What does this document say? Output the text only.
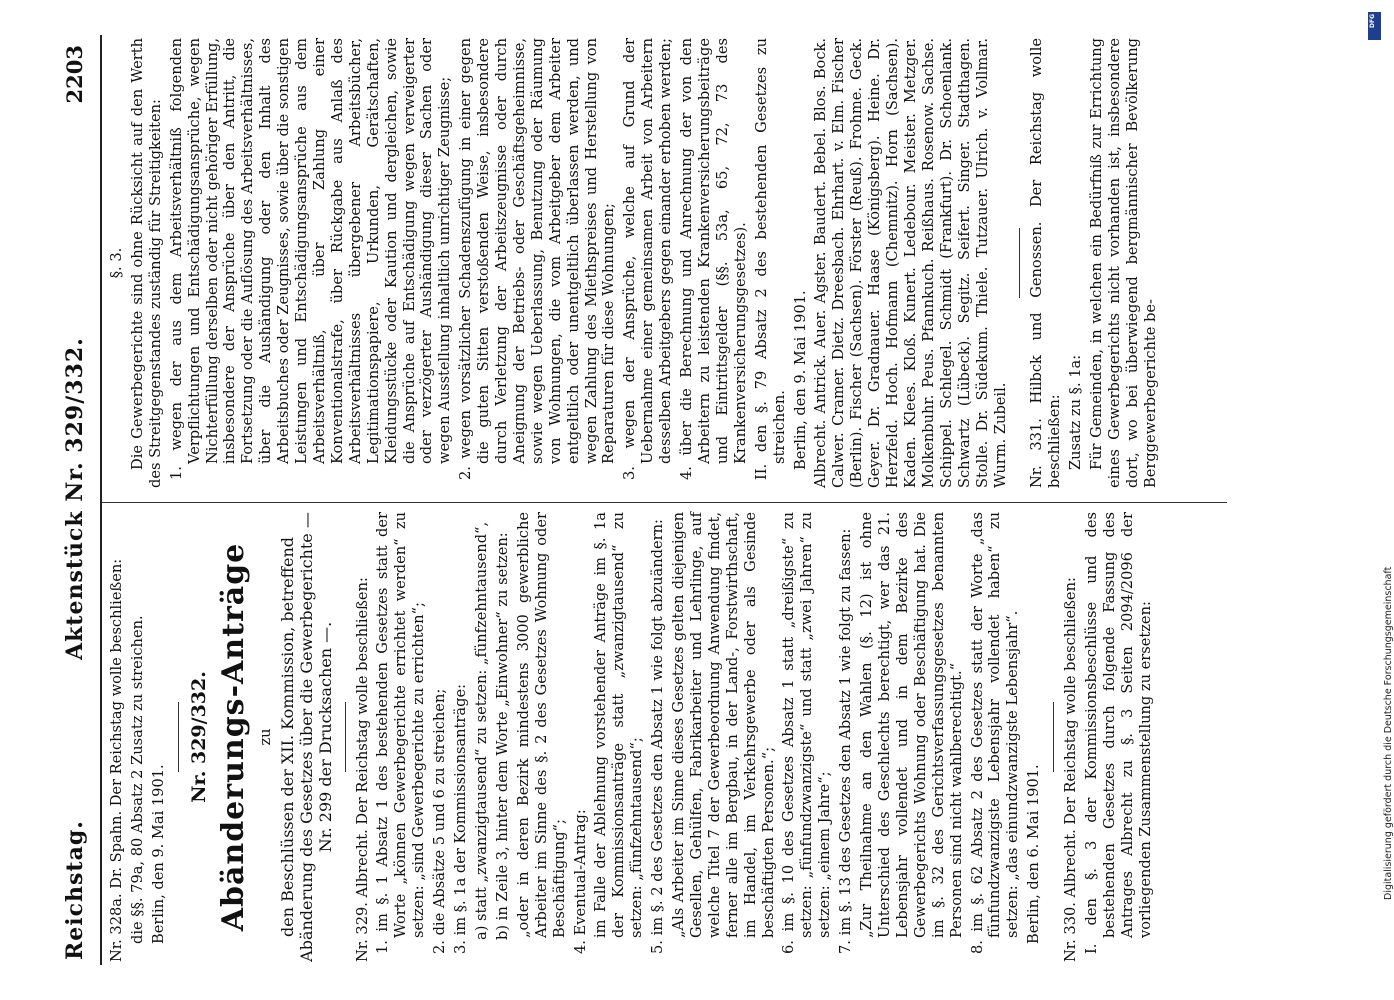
Reichstag.
Aktenstück Nr. 329/332.
2203

Nr. 328a. Dr. Spahn. Der Reichstag wolle beschließen: die §§. 79a, 80 Absatz 2 Zusatz zu streichen. Berlin, den 9. Mai 1901.

Nr. 329/332. Abänderungs-Anträge zu den Beschlüssen der XII. Kommission, betreffend Abänderung des Gesetzes über die Gewerbegerichte — Nr. 299 der Drucksachen —. Nr. 329. Albrecht. Der Reichstag wolle beschließen: 1. im §. 1 Absatz 1 des bestehenden Gesetzes statt der Worte „können Gewerbegerichte errichtet werden“ zu setzen: „sind Gewerbegerichte zu errichten“; 2. die Absätze 5 und 6 zu streichen; 3. im §. 1a der Kommissionsanträge: a) statt „zwanzigtausend“ zu setzen: „fünfzehntausend“, b) in Zeile 3, hinter dem Worte „Einwohner“ zu setzen: „oder in deren Bezirk mindestens 3000 gewerbliche Arbeiter im Sinne des §. 2 des Gesetzes Wohnung oder Beschäftigung“; 4. Eventual-Antrag: im Falle der Ablehnung vorstehender Anträge im §. 1a der Kommissionsanträge statt „zwanzigtausend“ zu setzen: „fünfzehntausend“; 5. im §. 2 des Gesetzes den Absatz 1 wie folgt abzuändern: „Als Arbeiter im Sinne dieses Gesetzes gelten diejenigen Gesellen, Gehülfen, Fabrikarbeiter und Lehrlinge, auf welche Titel 7 der Gewerbeordnung Anwendung findet, ferner alle im Bergbau, in der Land-, Forstwirthschaft, im Handel, im Verkehrsgewerbe oder als Gesinde beschäftigten Personen.“; 6. im §. 10 des Gesetzes Absatz 1 statt „dreißigste“ zu setzen: „fünfundzwanzigste“ und statt „zwei Jahren“ zu setzen: „einem Jahre“; 7. im §. 13 des Gesetzes den Absatz 1 wie folgt zu fassen: „Zur Theilnahme an den Wahlen (§. 12) ist ohne Unterschied des Geschlechts berechtigt, wer das 21. Lebensjahr vollendet und in dem Bezirke des Gewerbegerichts Wohnung oder Beschäftigung hat. Die im §. 32 des Gerichtsverfassungsgesetzes benannten Personen sind nicht wahlberechtigt.“ 8. im §. 62 Absatz 2 des Gesetzes statt der Worte „das fünfundzwanzigste Lebensjahr vollendet haben“ zu setzen: „das einundzwanzigste Lebensjahr“. Berlin, den 6. Mai 1901. Nr. 330. Albrecht. Der Reichstag wolle beschließen: I. den §. 3 der Kommissionsbeschlüsse und des bestehenden Gesetzes durch folgende Fassung des Antrages Albrecht zu §. 3 Seiten 2094/2096 der vorliegenden Zusammenstellung zu ersetzen:

§. 3. Die Gewerbegerichte sind ohne Rücksicht auf den Werth des Streitgegenstandes zuständig für Streitigkeiten: 1. wegen der aus dem Arbeitsverhältniß folgenden Verpflichtungen und Entschädigungsansprüche, wegen Nichterfüllung derselben oder nicht gehöriger Erfüllung, insbesondere der Ansprüche über den Antritt, die Fortsetzung oder die Auflösung des Arbeitsverhältnisses, über die Aushändigung oder den Inhalt des Arbeitsbuches oder Zeugnisses, sowie über die sonstigen Leistungen und Entschädigungsansprüche aus dem Arbeitsverhältniß, über Zahlung einer Konventionalstrafe, über Rückgabe aus Anlaß des Arbeitsverhältnisses übergebener Arbeitsbücher, Legitimationspapiere, Urkunden, Gerätschaften, Kleidungsstücke oder Kaution und dergleichen, sowie die Ansprüche auf Entschädigung wegen verweigerter oder verzögerter Aushändigung dieser Sachen oder wegen Ausstellung inhaltlich unrichtiger Zeugnisse; 2. wegen vorsätzlicher Schadenszufügung in einer gegen die guten Sitten verstoßenden Weise, insbesondere durch Verletzung der Arbeitszeugnisse oder durch Aneignung der Betriebs- oder Geschäftsgeheimnisse, sowie wegen Ueberlassung, Benutzung oder Räumung von Wohnungen, die vom Arbeitgeber dem Arbeiter entgeltlich oder unentgeltlich überlassen werden, und wegen Zahlung des Miethspreises und Herstellung von Reparaturen für diese Wohnungen; 3. wegen der Ansprüche, welche auf Grund der Uebernahme einer gemeinsamen Arbeit von Arbeitern desselben Arbeitgebers gegen einander erhoben werden; 4. über die Berechnung und Anrechnung der von den Arbeitern zu leistenden Krankenversicherungsbeiträge und Eintrittsgelder (§§. 53a, 65, 72, 73 des Krankenversicherungsgesetzes). II. den §. 79 Absatz 2 des bestehenden Gesetzes zu streichen. Berlin, den 9. Mai 1901. Albrecht. Antrick. Auer. Agster. Baudert. Bebel. Blos. Bock. Calwer. Cramer. Dietz. Dreesbach. Ehrhart. v. Elm. Fischer (Berlin). Fischer (Sachsen). Förster (Reuß). Frohme. Geck. Geyer. Dr. Gradnauer. Haase (Königsberg). Heine. Dr. Herzfeld. Hoch. Hofmann (Chemnitz). Horn (Sachsen). Kaden. Klees. Kloß. Kunert. Ledebour. Meister. Metzger. Molkenbuhr. Peus. Pfannkuch. Reißhaus. Rosenow. Sachse. Schippel. Schlegel. Schmidt (Frankfurt). Dr. Schoenlank. Schwartz (Lübeck). Segitz. Seifert. Singer. Stadthagen. Stolle. Dr. Südekum. Thiele. Tutzauer. Ulrich. v. Vollmar. Wurm. Zubeil. Nr. 331. Hilbck und Genossen. Der Reichstag wolle beschließen: Zusatz zu §. 1a: Für Gemeinden, in welchen ein Bedürfniß zur Errichtung eines Gewerbegerichts nicht vorhanden ist, insbesondere dort, wo bei überwiegend bergmännischer Bevölkerung Berggewerbegerichte be-

DFG
Digitalisierung gefördert durch die Deutsche Forschungsgemeinschaft
